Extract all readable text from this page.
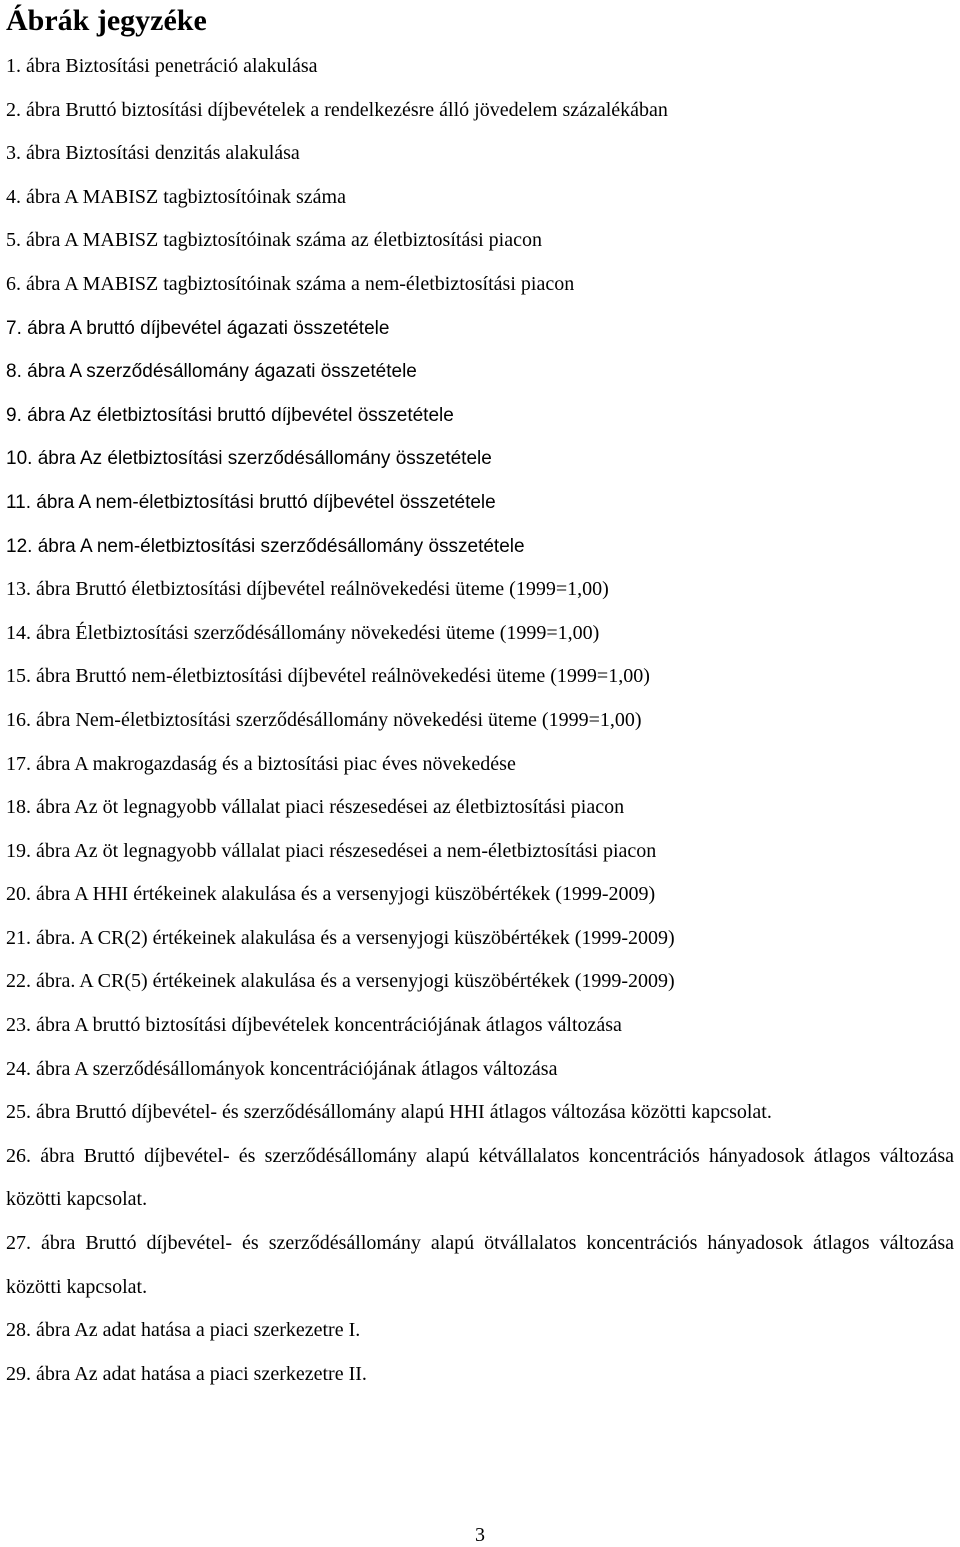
Ábrák jegyzéke
1. ábra Biztosítási penetráció alakulása
2. ábra Bruttó biztosítási díjbevételek a rendelkezésre álló jövedelem százalékában
3. ábra Biztosítási denzitás alakulása
4. ábra A MABISZ tagbiztosítóinak száma
5. ábra A MABISZ tagbiztosítóinak száma az életbiztosítási piacon
6. ábra A MABISZ tagbiztosítóinak száma a nem-életbiztosítási piacon
7. ábra A bruttó díjbevétel ágazati összetétele
8. ábra A szerződésállomány ágazati összetétele
9. ábra Az életbiztosítási bruttó díjbevétel összetétele
10. ábra Az életbiztosítási szerződésállomány összetétele
11. ábra A nem-életbiztosítási bruttó díjbevétel összetétele
12. ábra A nem-életbiztosítási szerződésállomány összetétele
13. ábra Bruttó életbiztosítási díjbevétel reálnövekedési üteme (1999=1,00)
14. ábra Életbiztosítási szerződésállomány növekedési üteme (1999=1,00)
15. ábra Bruttó nem-életbiztosítási díjbevétel reálnövekedési üteme (1999=1,00)
16. ábra Nem-életbiztosítási szerződésállomány növekedési üteme (1999=1,00)
17. ábra A makrogazdaság és a biztosítási piac éves növekedése
18. ábra Az öt legnagyobb vállalat piaci részesedései az életbiztosítási piacon
19. ábra Az öt legnagyobb vállalat piaci részesedései a nem-életbiztosítási piacon
20. ábra A HHI értékeinek alakulása és a versenyjogi küszöbértékek (1999-2009)
21. ábra. A CR(2) értékeinek alakulása és a versenyjogi küszöbértékek (1999-2009)
22. ábra. A CR(5) értékeinek alakulása és a versenyjogi küszöbértékek (1999-2009)
23. ábra A bruttó biztosítási díjbevételek koncentrációjának átlagos változása
24. ábra A szerződésállományok koncentrációjának átlagos változása
25. ábra Bruttó díjbevétel- és szerződésállomány alapú HHI átlagos változása közötti kapcsolat.
26. ábra Bruttó díjbevétel- és szerződésállomány alapú kétvállalatos koncentrációs hányadosok átlagos változása közötti kapcsolat.
27. ábra Bruttó díjbevétel- és szerződésállomány alapú ötvállalatos koncentrációs hányadosok átlagos változása közötti kapcsolat.
28. ábra Az adat hatása a piaci szerkezetre I.
29. ábra Az adat hatása a piaci szerkezetre II.
3
